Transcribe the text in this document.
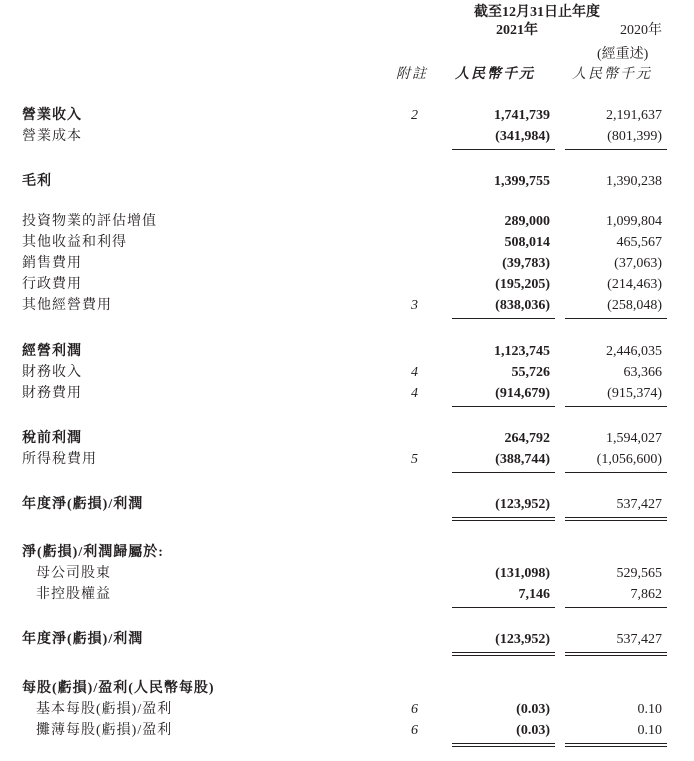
截至12月31日止年度
2021年	2020年
(經重述)
附註 人民幣千元	人民幣千元
營業收入	2	1,741,739	2,191,637
營業成本	(341,984)	(801,399)
毛利	1,399,755	1,390,238
投資物業的評估增值	289,000	1,099,804
其他收益和利得	508,014	465,567
銷售費用	(39,783)	(37,063)
行政費用	(195,205)	(214,463)
其他經營費用	3	(838,036)	(258,048)
經營利潤	1,123,745	2,446,035
財務收入	4	55,726	63,366
財務費用	4	(914,679)	(915,374)
稅前利潤	264,792	1,594,027
所得稅費用	5	(388,744)	(1,056,600)
年度淨(虧損)/利潤	(123,952)	537,427
淨(虧損)/利潤歸屬於:
母公司股東	(131,098)	529,565
非控股權益	7,146	7,862
年度淨(虧損)/利潤	(123,952)	537,427
每股(虧損)/盈利(人民幣每股)
基本每股(虧損)/盈利	6	(0.03)	0.10
攤薄每股(虧損)/盈利	6	(0.03)	0.10
